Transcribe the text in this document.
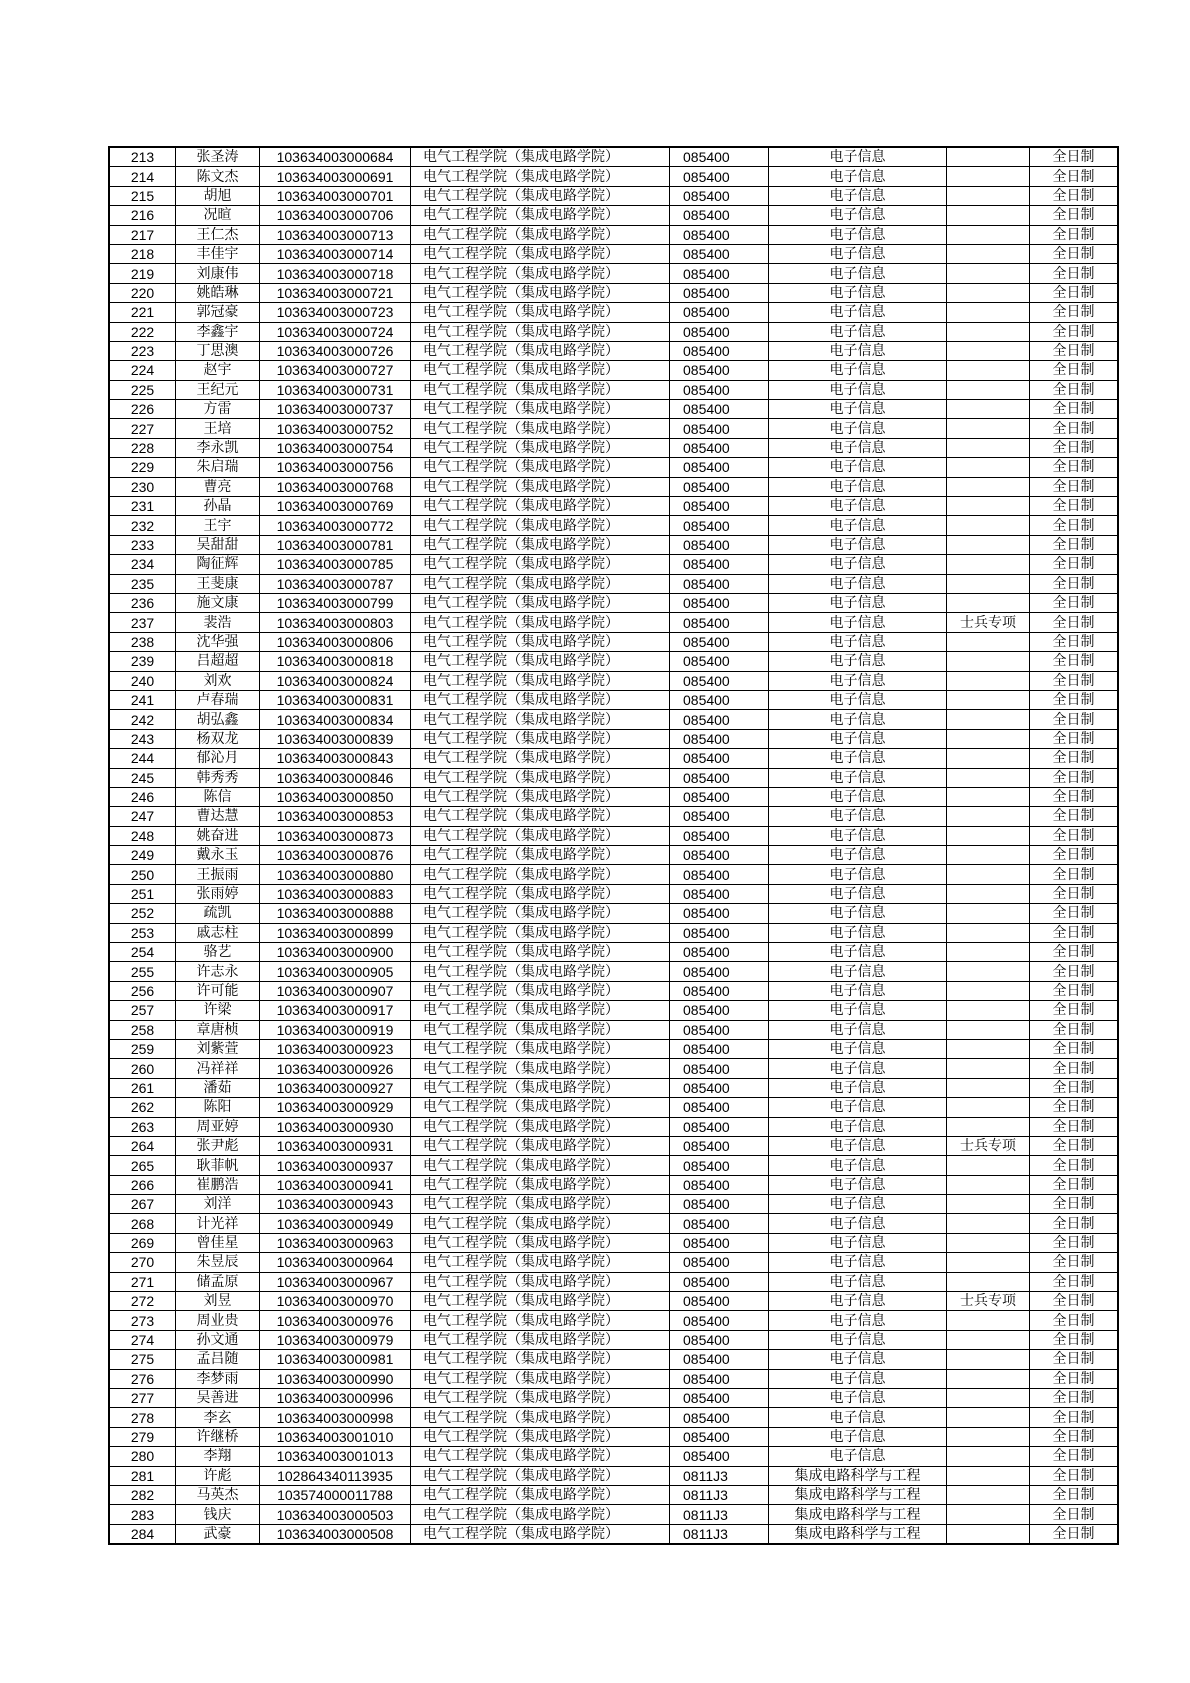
213	张圣涛	103634003000684	电气工程学院（集成电路学院）	085400	电子信息		全日制
214	陈文杰	103634003000691	电气工程学院（集成电路学院）	085400	电子信息		全日制
215	胡旭	103634003000701	电气工程学院（集成电路学院）	085400	电子信息		全日制
216	况暄	103634003000706	电气工程学院（集成电路学院）	085400	电子信息		全日制
217	王仁杰	103634003000713	电气工程学院（集成电路学院）	085400	电子信息		全日制
218	丰佳宇	103634003000714	电气工程学院（集成电路学院）	085400	电子信息		全日制
219	刘康伟	103634003000718	电气工程学院（集成电路学院）	085400	电子信息		全日制
220	姚皓琳	103634003000721	电气工程学院（集成电路学院）	085400	电子信息		全日制
221	郭冠豪	103634003000723	电气工程学院（集成电路学院）	085400	电子信息		全日制
222	李鑫宇	103634003000724	电气工程学院（集成电路学院）	085400	电子信息		全日制
223	丁思澳	103634003000726	电气工程学院（集成电路学院）	085400	电子信息		全日制
224	赵宇	103634003000727	电气工程学院（集成电路学院）	085400	电子信息		全日制
225	王纪元	103634003000731	电气工程学院（集成电路学院）	085400	电子信息		全日制
226	方雷	103634003000737	电气工程学院（集成电路学院）	085400	电子信息		全日制
227	王培	103634003000752	电气工程学院（集成电路学院）	085400	电子信息		全日制
228	李永凯	103634003000754	电气工程学院（集成电路学院）	085400	电子信息		全日制
229	朱启瑞	103634003000756	电气工程学院（集成电路学院）	085400	电子信息		全日制
230	曹亮	103634003000768	电气工程学院（集成电路学院）	085400	电子信息		全日制
231	孙晶	103634003000769	电气工程学院（集成电路学院）	085400	电子信息		全日制
232	王宇	103634003000772	电气工程学院（集成电路学院）	085400	电子信息		全日制
233	吴甜甜	103634003000781	电气工程学院（集成电路学院）	085400	电子信息		全日制
234	陶征辉	103634003000785	电气工程学院（集成电路学院）	085400	电子信息		全日制
235	王斐康	103634003000787	电气工程学院（集成电路学院）	085400	电子信息		全日制
236	施文康	103634003000799	电气工程学院（集成电路学院）	085400	电子信息		全日制
237	裴浩	103634003000803	电气工程学院（集成电路学院）	085400	电子信息	士兵专项	全日制
238	沈华强	103634003000806	电气工程学院（集成电路学院）	085400	电子信息		全日制
239	吕超超	103634003000818	电气工程学院（集成电路学院）	085400	电子信息		全日制
240	刘欢	103634003000824	电气工程学院（集成电路学院）	085400	电子信息		全日制
241	卢春瑞	103634003000831	电气工程学院（集成电路学院）	085400	电子信息		全日制
242	胡弘鑫	103634003000834	电气工程学院（集成电路学院）	085400	电子信息		全日制
243	杨双龙	103634003000839	电气工程学院（集成电路学院）	085400	电子信息		全日制
244	郁沁月	103634003000843	电气工程学院（集成电路学院）	085400	电子信息		全日制
245	韩秀秀	103634003000846	电气工程学院（集成电路学院）	085400	电子信息		全日制
246	陈信	103634003000850	电气工程学院（集成电路学院）	085400	电子信息		全日制
247	曹达慧	103634003000853	电气工程学院（集成电路学院）	085400	电子信息		全日制
248	姚奋进	103634003000873	电气工程学院（集成电路学院）	085400	电子信息		全日制
249	戴永玉	103634003000876	电气工程学院（集成电路学院）	085400	电子信息		全日制
250	王振雨	103634003000880	电气工程学院（集成电路学院）	085400	电子信息		全日制
251	张雨婷	103634003000883	电气工程学院（集成电路学院）	085400	电子信息		全日制
252	疏凯	103634003000888	电气工程学院（集成电路学院）	085400	电子信息		全日制
253	戚志柱	103634003000899	电气工程学院（集成电路学院）	085400	电子信息		全日制
254	骆艺	103634003000900	电气工程学院（集成电路学院）	085400	电子信息		全日制
255	许志永	103634003000905	电气工程学院（集成电路学院）	085400	电子信息		全日制
256	许可能	103634003000907	电气工程学院（集成电路学院）	085400	电子信息		全日制
257	许梁	103634003000917	电气工程学院（集成电路学院）	085400	电子信息		全日制
258	章唐桢	103634003000919	电气工程学院（集成电路学院）	085400	电子信息		全日制
259	刘紫萱	103634003000923	电气工程学院（集成电路学院）	085400	电子信息		全日制
260	冯祥祥	103634003000926	电气工程学院（集成电路学院）	085400	电子信息		全日制
261	潘茹	103634003000927	电气工程学院（集成电路学院）	085400	电子信息		全日制
262	陈阳	103634003000929	电气工程学院（集成电路学院）	085400	电子信息		全日制
263	周亚婷	103634003000930	电气工程学院（集成电路学院）	085400	电子信息		全日制
264	张尹彪	103634003000931	电气工程学院（集成电路学院）	085400	电子信息	士兵专项	全日制
265	耿菲帆	103634003000937	电气工程学院（集成电路学院）	085400	电子信息		全日制
266	崔鹏浩	103634003000941	电气工程学院（集成电路学院）	085400	电子信息		全日制
267	刘洋	103634003000943	电气工程学院（集成电路学院）	085400	电子信息		全日制
268	计光祥	103634003000949	电气工程学院（集成电路学院）	085400	电子信息		全日制
269	曾佳星	103634003000963	电气工程学院（集成电路学院）	085400	电子信息		全日制
270	朱昱辰	103634003000964	电气工程学院（集成电路学院）	085400	电子信息		全日制
271	储孟原	103634003000967	电气工程学院（集成电路学院）	085400	电子信息		全日制
272	刘昱	103634003000970	电气工程学院（集成电路学院）	085400	电子信息	士兵专项	全日制
273	周业贵	103634003000976	电气工程学院（集成电路学院）	085400	电子信息		全日制
274	孙文通	103634003000979	电气工程学院（集成电路学院）	085400	电子信息		全日制
275	孟吕随	103634003000981	电气工程学院（集成电路学院）	085400	电子信息		全日制
276	李梦雨	103634003000990	电气工程学院（集成电路学院）	085400	电子信息		全日制
277	吴善进	103634003000996	电气工程学院（集成电路学院）	085400	电子信息		全日制
278	李玄	103634003000998	电气工程学院（集成电路学院）	085400	电子信息		全日制
279	许继桥	103634003001010	电气工程学院（集成电路学院）	085400	电子信息		全日制
280	李翔	103634003001013	电气工程学院（集成电路学院）	085400	电子信息		全日制
281	许彪	102864340113935	电气工程学院（集成电路学院）	0811J3	集成电路科学与工程		全日制
282	马英杰	103574000011788	电气工程学院（集成电路学院）	0811J3	集成电路科学与工程		全日制
283	钱庆	103634003000503	电气工程学院（集成电路学院）	0811J3	集成电路科学与工程		全日制
284	武豪	103634003000508	电气工程学院（集成电路学院）	0811J3	集成电路科学与工程		全日制
